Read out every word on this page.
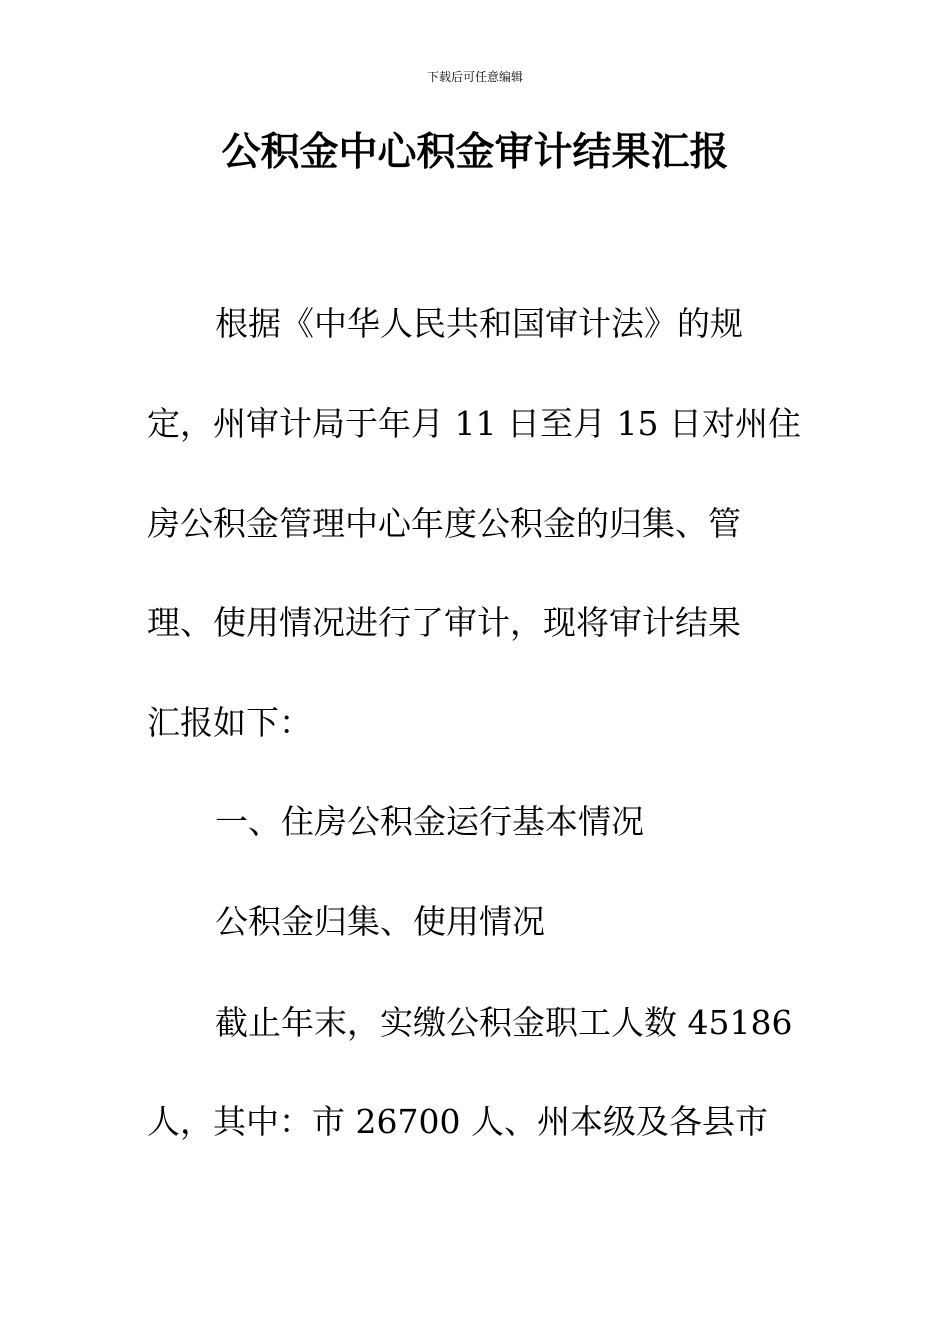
下载后可任意编辑
公积金中心积金审计结果汇报
根据《中华人民共和国审计法》的规
定，州审计局于年月 11 日至月 15 日对州住
房公积金管理中心年度公积金的归集、管
理、使用情况进行了审计，现将审计结果
汇报如下：
一、住房公积金运行基本情况
公积金归集、使用情况
截止年末，实缴公积金职工人数 45186
人，其中：市 26700 人、州本级及各县市
